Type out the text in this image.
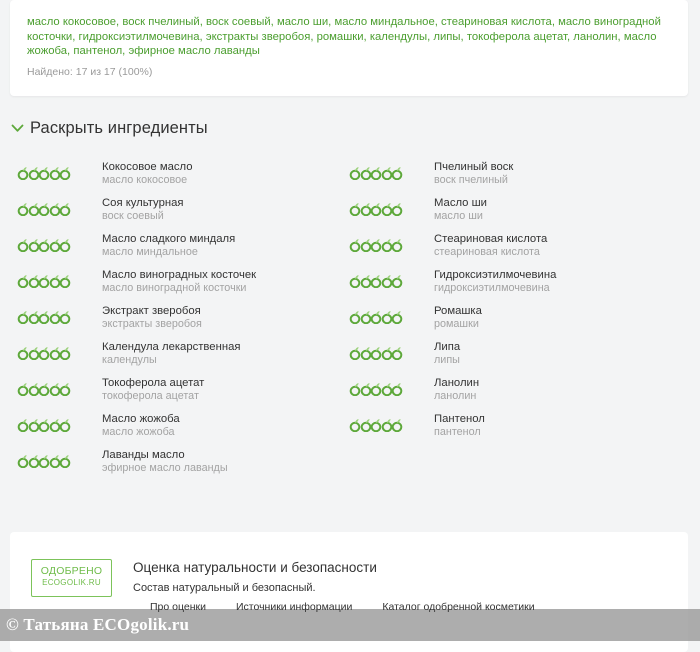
масло кокосовое, воск пчелиный, воск соевый, масло ши, масло миндальное, стеариновая кислота, масло виноградной косточки, гидроксиэтилмочевина, экстракты зверобоя, ромашки, календулы, липы, токоферола ацетат, ланолин, масло жожоба, пантенол, эфирное масло лаванды
Найдено: 17 из 17 (100%)
Раскрыть ингредиенты
Кокосовое масло
масло кокосовое
Пчелиный воск
воск пчелиный
Соя культурная
воск соевый
Масло ши
масло ши
Масло сладкого миндаля
масло миндальное
Стеариновая кислота
стеариновая кислота
Масло виноградных косточек
масло виноградной косточки
Гидроксиэтилмочевина
гидроксиэтилмочевина
Экстракт зверобоя
экстракты зверобоя
Ромашка
ромашки
Календула лекарственная
календулы
Липа
липы
Токоферола ацетат
токоферола ацетат
Ланолин
ланолин
Масло жожоба
масло жожоба
Пантенол
пантенол
Лаванды масло
эфирное масло лаванды
ОДОБРЕНО
ECOGOLIK.RU
Оценка натуральности и безопасности
Состав натуральный и безопасный.
© Татьяна ECOgolik.ru
Про оценки	Источники информации	Каталог одобренной косметики
